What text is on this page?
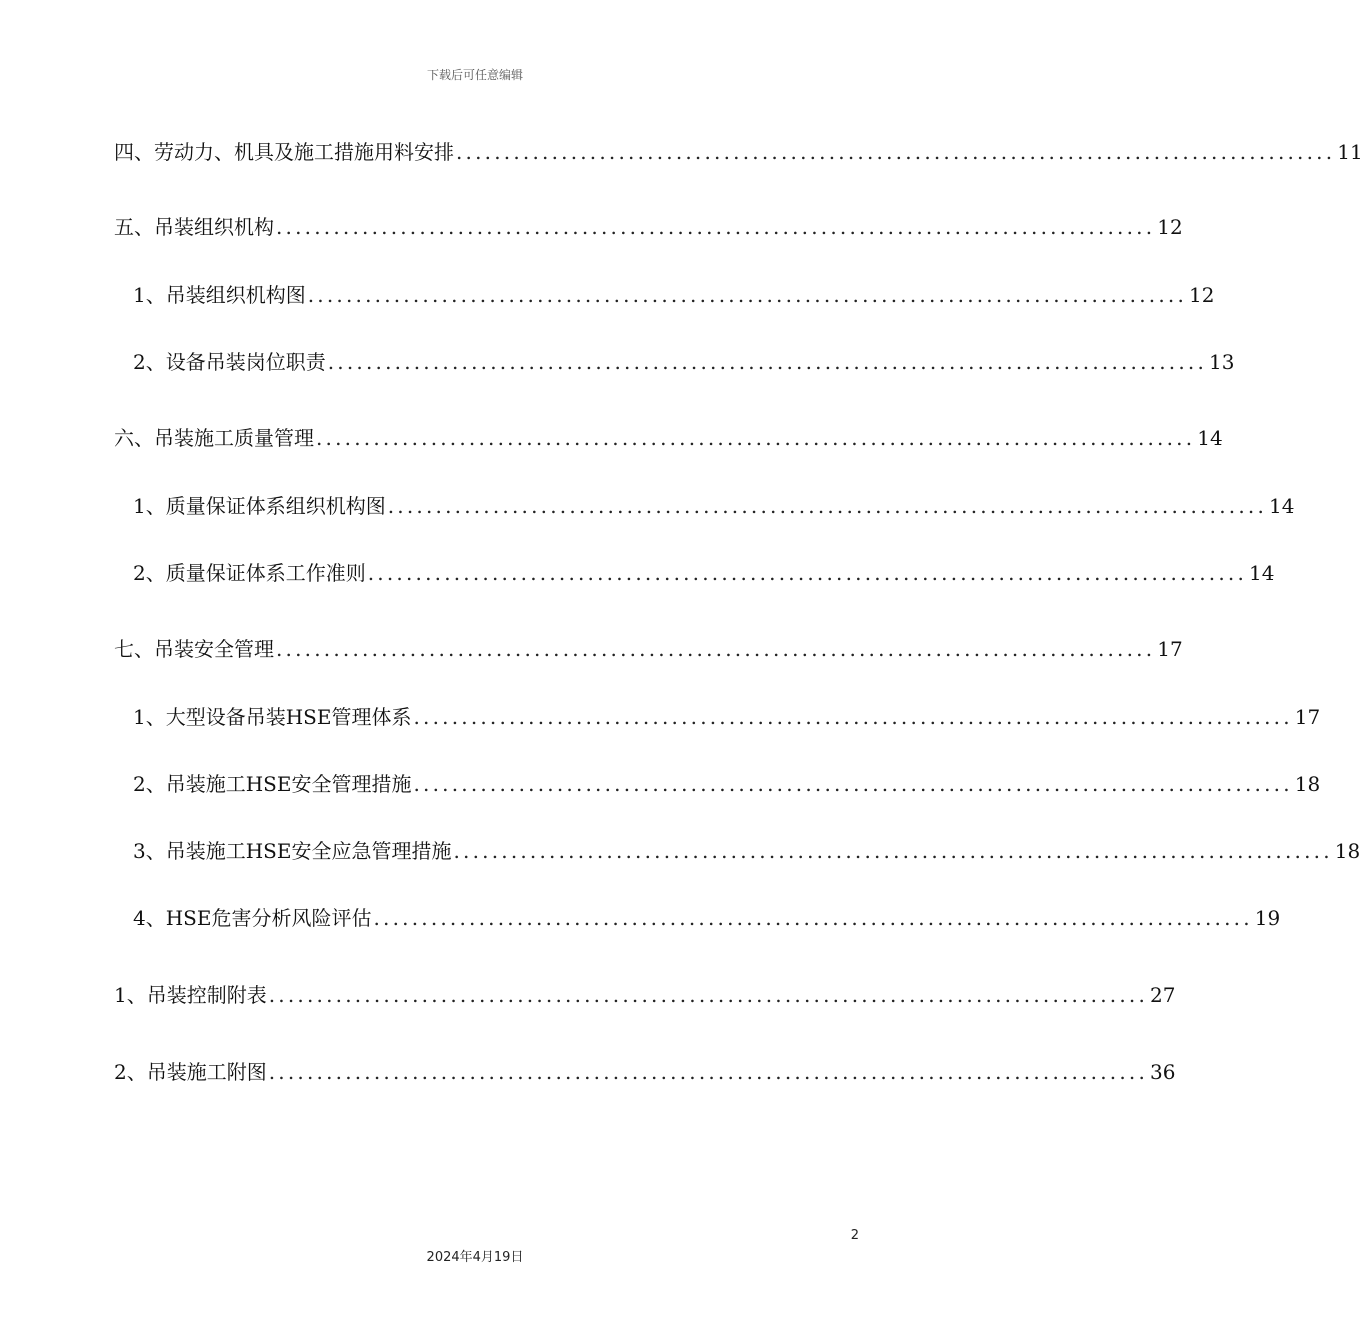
下载后可任意编辑
四、劳动力、机具及施工措施用料安排 ............................................................................................ 11
五、吊装组织机构 ............................................................................................ 12
1、吊装组织机构图 ............................................................................................ 12
2、设备吊装岗位职责 ............................................................................................ 13
六、吊装施工质量管理 ............................................................................................ 14
1、质量保证体系组织机构图 ............................................................................................ 14
2、质量保证体系工作准则 ............................................................................................ 14
七、吊装安全管理 ............................................................................................ 17
1、大型设备吊装HSE管理体系 ............................................................................................ 17
2、吊装施工HSE安全管理措施 ............................................................................................ 18
3、吊装施工HSE安全应急管理措施 ............................................................................................ 18
4、HSE危害分析风险评估 ............................................................................................ 19
1、吊装控制附表 ............................................................................................ 27
2、吊装施工附图 ............................................................................................ 36
2
2024年4月19日
